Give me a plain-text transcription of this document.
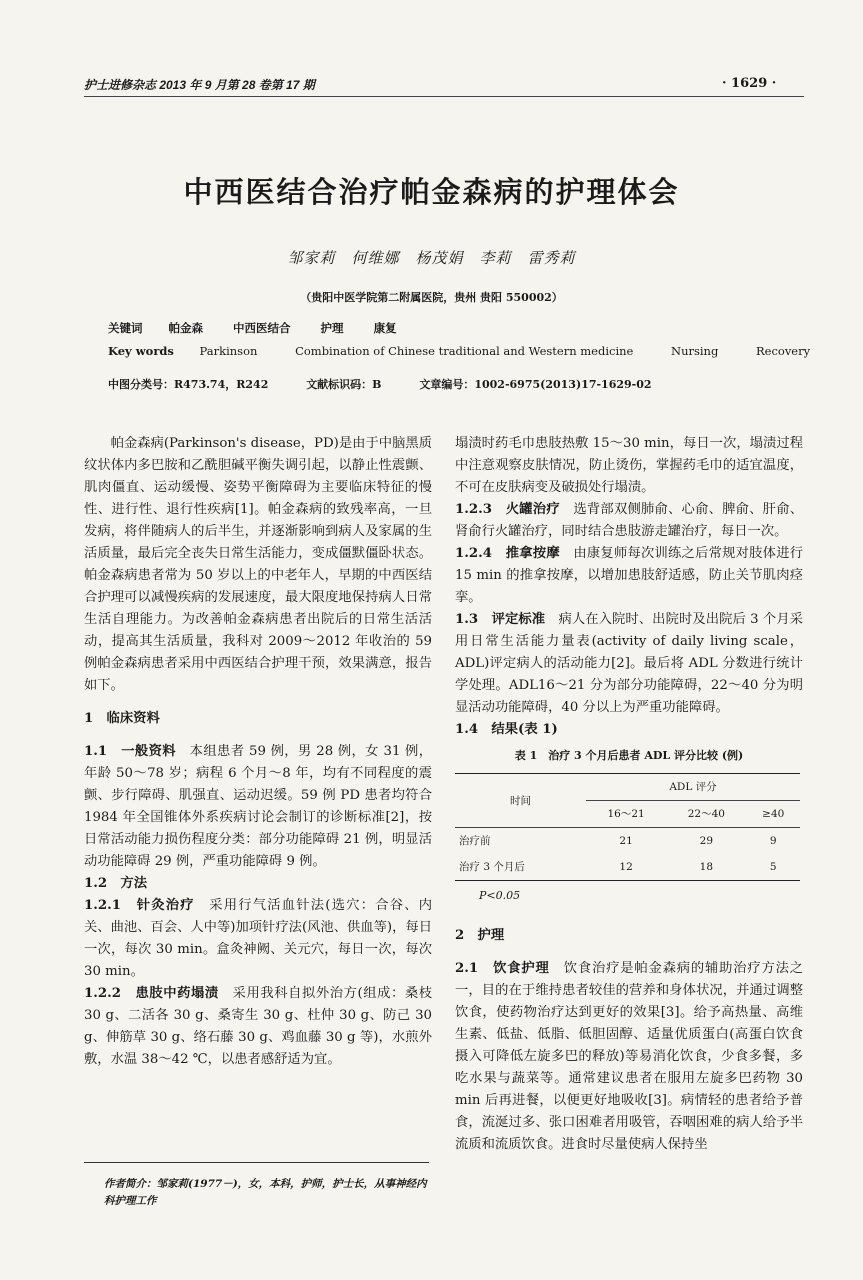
护士进修杂志 2013 年 9 月第 28 卷第 17 期	· 1629 ·
中西医结合治疗帕金森病的护理体会
邹家莉　何维娜　杨茂娟　李莉　雷秀莉
（贵阳中医学院第二附属医院，贵州 贵阳 550002）
关键词 帕金森	中西医结合	护理	康复
Key words Parkinson	Combination of Chinese traditional and Western medicine	Nursing	Recovery
中图分类号：R473.74，R242	文献标识码：B	文章编号：1002-6975(2013)17-1629-02

帕金森病(Parkinson's disease，PD)是由于中脑黑质纹状体内多巴胺和乙酰胆碱平衡失调引起，以静止性震颤、肌肉僵直、运动缓慢、姿势平衡障碍为主要临床特征的慢性、进行性、退行性疾病[1]。帕金森病的致残率高，一旦发病，将伴随病人的后半生，并逐渐影响到病人及家属的生活质量，最后完全丧失日常生活能力，变成僵默僵卧状态。帕金森病患者常为 50 岁以上的中老年人，早期的中西医结合护理可以减慢疾病的发展速度，最大限度地保持病人日常生活自理能力。为改善帕金森病患者出院后的日常生活活动，提高其生活质量，我科对 2009～2012 年收治的 59 例帕金森病患者采用中西医结合护理干预，效果满意，报告如下。

1　临床资料

1.1　一般资料　 本组患者 59 例，男 28 例，女 31 例，年龄 50～78 岁；病程 6 个月～8 年，均有不同程度的震颤、步行障碍、肌强直、运动迟缓。59 例 PD 患者均符合 1984 年全国锥体外系疾病讨论会制订的诊断标准[2]，按日常活动能力损伤程度分类：部分功能障碍 21 例，明显活动功能障碍 29 例，严重功能障碍 9 例。

1.2　方法

1.2.1　针灸治疗　 采用行气活血针法(选穴：合谷、内关、曲池、百会、人中等)加项针疗法(风池、供血等)，每日一次，每次 30 min。盒灸神阙、关元穴，每日一次，每次 30 min。

1.2.2　患肢中药塌渍　 采用我科自拟外治方(组成：桑枝 30 g、二活各 30 g、桑寄生 30 g、杜仲 30 g、防己 30 g、伸筋草 30 g、络石藤 30 g、鸡血藤 30 g 等)，水煎外敷，水温 38～42 ℃，以患者感舒适为宜。

塌渍时药毛巾患肢热敷 15～30 min，每日一次，塌渍过程中注意观察皮肤情况，防止烫伤，掌握药毛巾的适宜温度，不可在皮肤病变及破损处行塌渍。

1.2.3　火罐治疗　 选背部双侧肺俞、心俞、脾俞、肝俞、肾俞行火罐治疗，同时结合患肢游走罐治疗，每日一次。

1.2.4　推拿按摩　 由康复师每次训练之后常规对肢体进行 15 min 的推拿按摩，以增加患肢舒适感，防止关节肌肉痉挛。

1.3　评定标准　 病人在入院时、出院时及出院后 3 个月采用日常生活能力量表(activity of daily living scale，ADL)评定病人的活动能力[2]。最后将 ADL 分数进行统计学处理。ADL16～21 分为部分功能障碍，22～40 分为明显活动功能障碍，40 分以上为严重功能障碍。

1.4　结果(表 1)

表 1　治疗 3 个月后患者 ADL 评分比较 (例)
时间	ADL 评分		
	16～21	22～40	≥40
治疗前	21	29	9
治疗 3 个月后	12	18	5
P<0.05

2　护理

2.1　饮食护理　 饮食治疗是帕金森病的辅助治疗方法之一，目的在于维持患者较佳的营养和身体状况，并通过调整饮食，使药物治疗达到更好的效果[3]。给予高热量、高维生素、低盐、低脂、低胆固醇、适量优质蛋白(高蛋白饮食摄入可降低左旋多巴的释放)等易消化饮食，少食多餐，多吃水果与蔬菜等。通常建议患者在服用左旋多巴药物 30 min 后再进餐，以便更好地吸收[3]。病情轻的患者给予普食，流涎过多、张口困难者用吸管，吞咽困难的病人给予半流质和流质饮食。进食时尽量使病人保持坐

作者简介：邹家莉(1977－)，女，本科，护师，护士长，从事神经内科护理工作
